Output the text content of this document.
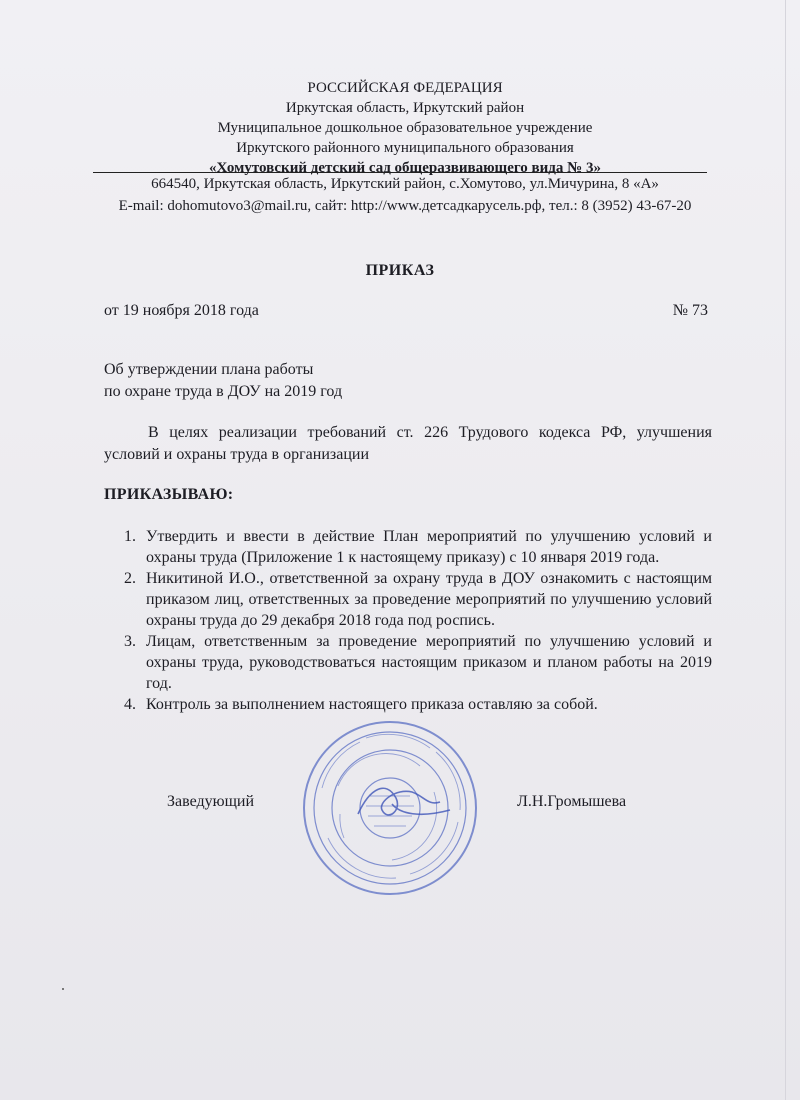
РОССИЙСКАЯ ФЕДЕРАЦИЯ
Иркутская область, Иркутский район
Муниципальное дошкольное образовательное учреждение
Иркутского районного муниципального образования
«Хомутовский детский сад общеразвивающего вида № 3»
664540, Иркутская область, Иркутский район, с.Хомутово, ул.Мичурина, 8 «А»
E-mail: dohomutovo3@mail.ru, сайт: http://www.детсадкарусель.рф, тел.: 8 (3952) 43-67-20
ПРИКАЗ
от 19 ноября 2018 года	№ 73
Об утверждении плана работы
по охране труда в ДОУ на 2019 год
В целях реализации требований ст. 226 Трудового кодекса РФ, улучшения условий и охраны труда в организации
ПРИКАЗЫВАЮ:
1. Утвердить и ввести в действие План мероприятий по улучшению условий и охраны труда (Приложение 1 к настоящему приказу) с 10 января 2019 года.
2. Никитиной И.О., ответственной за охрану труда в ДОУ ознакомить с настоящим приказом лиц, ответственных за проведение мероприятий по улучшению условий охраны труда до 29 декабря 2018 года под роспись.
3. Лицам, ответственным за проведение мероприятий по улучшению условий и охраны труда, руководствоваться настоящим приказом и планом работы на 2019 год.
4. Контроль за выполнением настоящего приказа оставляю за собой.
Заведующий	Л.Н.Громышева
